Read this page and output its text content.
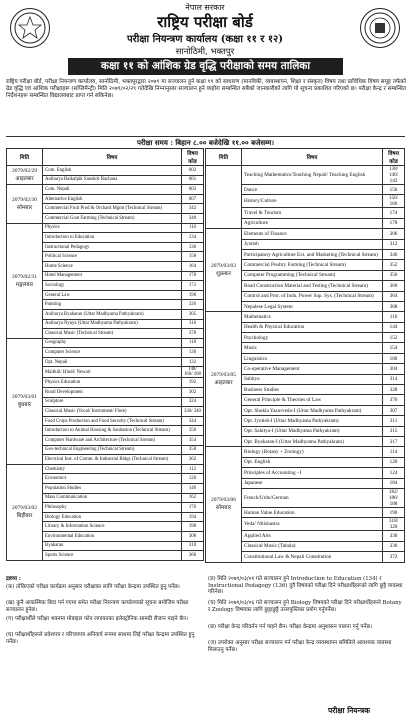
नेपाल सरकार
राष्ट्रिय परीक्षा बोर्ड
परीक्षा नियन्त्रण कार्यालय (कक्षा ११ र १२)
सानोठिमी, भक्तपुर
कक्षा ११ को आंशिक ग्रेड वृद्धि परीक्षाको समय तालिका
राष्ट्रिय परीक्षा बोर्ड, परीक्षा नियन्त्रण कार्यालय, सानोठिमी, भक्तपुरद्वारा २०७९ मा सञ्चालन हुने कक्षा ११ को साधारण (मानविकी, व्यवस्थापन, शिक्षा र संस्कृत) विषय तथा प्राविधिक विषय समूह तर्फको ग्रेड वृद्धि एवं आंशिक परीक्षाहरू (सप्लिमेन्ट्री) मिति २०७९/०२/२९ गतेदेखि निम्नानुसार सञ्चालन हुने व्यहोरा सम्बन्धित सबैको जानकारीको लागि यो सूचना प्रकाशित गरिएको छ। परीक्षा केन्द्र र सम्बन्धित निर्देशनहरू सम्बन्धित विद्यालयबाट प्राप्त गर्न सकिनेछ।
परीक्षा समय : बिहान ८.०० बजेदेखि ११.०० बजेसम्म।
मिति	विषय	विषय कोड

2079/02/29
आइतबार	Com. English	002
	Anibarya Baikalpik Sanskrit Rachana	001

2079/02/30
सोमबार	Com. Nepali	003
	Alternative English	007
	Commercial Fruit Prod & Orchard Mgmt (Technical Stream)	342
	Commercial Goat Farming (Technical Stream)	348

2079/02/31
मङ्गलबार	Physics	110
	Introduction to Education	134
	Instructional Pedagogy	136
	Political Science	158
	Home Science	164
	Hotel Management	170
	Sociology	172
	General Law	196
	Painting	326
	Anibarya Byakaran (Uttar Madhyama Pathyakram)	305
	Anibarya Nyaya (Uttar Madhyama Pathyakram)	316
	Classical Music (Technical Stream)	378

2079/03/01
बुधबार	Geography	118
	Computer Science	130
	Opt. Nepali	132
	Maithili/ Hindi/ Newari	148/ 160/ 168
	Physics Education	192
	Rural Development	302
	Sculpture	324
	Classical Music (Vocal/ Instrument/ Flute)	336/ 340
	Food Crops Production and Food Security (Technical Stream)	344
	Introduction to Animal Housing & Sanitation (Technical Stream)	350
	Computer Hardware and Architecture (Technical Stream)	354
	Geo-technical Engineering (Technical Stream)	358
	Electrical Inst. of Comm. & Industrial Bldgs (Technical Stream)	362

2079/03/02
बिहीबार	Chemistry	112
	Economics	126
	Population Studies	146
	Mass Communication	162
	Philosophy	176
	Biology Education	194
	Library & Information Science	198
	Environmental Education	308
	Byakaran	310
	Sports Science	366
मिति	विषय	विषय कोड

	Teaching Mathematics/Teaching Nepali/ Teaching English	138/ 140/ 142
	Dance	150
	History/Culture	156/ 166
	Travel & Tourism	174
	Agriculture	178

2079/03/03
शुक्रबार	Elements of Finance	306
	Jyotish	312
	Participatory Agriculture Ext. and Marketing (Technical Stream)	346
	Commercial Poultry Farming (Technical Stream)	352
	Computer Programming (Technical Stream)	356
	Road Construction Material and Testing (Technical Stream)	360
	Control and Prot. of Indu. Power Sup. Sys. (Technical Stream)	364
	Nepalese Legal System	368

2079/03/05
आइतबार	Mathematics	116
	Health & Physical Education	144
	Psychology	152
	Music	154
	Linguistics	180
	Co-operative Management	304
	Sahitya	314
	Business Studies	328
	General Principle & Theories of Law	370
	Opt. Shukla Yazurveda-I (Uttar Madhyama Pathyakram)	307
	Opt. Jyotish-I (Uttar Madhyama Pathyakram)	311
	Opt. Sahitya-I (Uttar Madhyama Pathyakram)	315
	Opt. Byakaran-I (Uttar Madhyama Pathyakram)	317

2079/03/06
सोमबार	Biology (Botany + Zoology)	114
	Opt. English	120
	Principles of Accounting –I	124
	Japanese	184
	French/Urdu/German	182/ 186/ 188
	Human Value Education	190
	Veda/ Nitishastra	318/ 320
	Applied Arts	330
	Classical Music (Tabala)	336
	Constitutional Law & Nepali Constitution	372
द्रष्टव्य :
(क) तोकिएको परीक्षा कार्यक्रम अनुसार परीक्षाका लागि परीक्षा केन्द्रमा उपस्थित हुनु पर्नेछ।
(ख) कुनै आकस्मिक बिदा पर्न गएमा समेत परीक्षा नियन्त्रण कार्यालयको सूचना बमोजिम परीक्षा सञ्चालन हुनेछ।
(ग) परीक्षार्थीले परीक्षा भवनमा मोबाइल फोन लगायतका इलेक्ट्रोनिक सामग्री लैजान पाइने छैन।
(घ) परीक्षार्थीहरूले प्रवेशपत्र र परिचयपत्र अनिवार्य रूपमा साथमा लिई परीक्षा केन्द्रमा उपस्थित हुनु पर्नेछ।
(ङ) मिति २०७९/०३/०१ गते सञ्चालन हुने Introduction to Education (134) र Instructional Pedagogy (136) दुवै विषयको परीक्षा दिने परीक्षार्थीहरूको लागि छुट्टै व्यवस्था गरिनेछ।
(च) मिति २०७९/०३/०६ गते सञ्चालन हुने Biology विषयको परीक्षा दिने परीक्षार्थीहरूले Botany र Zoology विषयका लागि छुट्टाछुट्टै उत्तरपुस्तिका प्रयोग गर्नुपर्नेछ।
(छ) परीक्षा केन्द्र परिवर्तन गर्न पाइने छैन। परीक्षा केन्द्रमा अनुशासन पालना गर्नु पर्नेछ।
(ज) उपरोक्त अनुसार परीक्षा सञ्चालन गर्न परीक्षा केन्द्र व्यवस्थापन समितिले आवश्यक व्यवस्था मिलाउनु पर्नेछ।
परीक्षा नियन्त्रक
